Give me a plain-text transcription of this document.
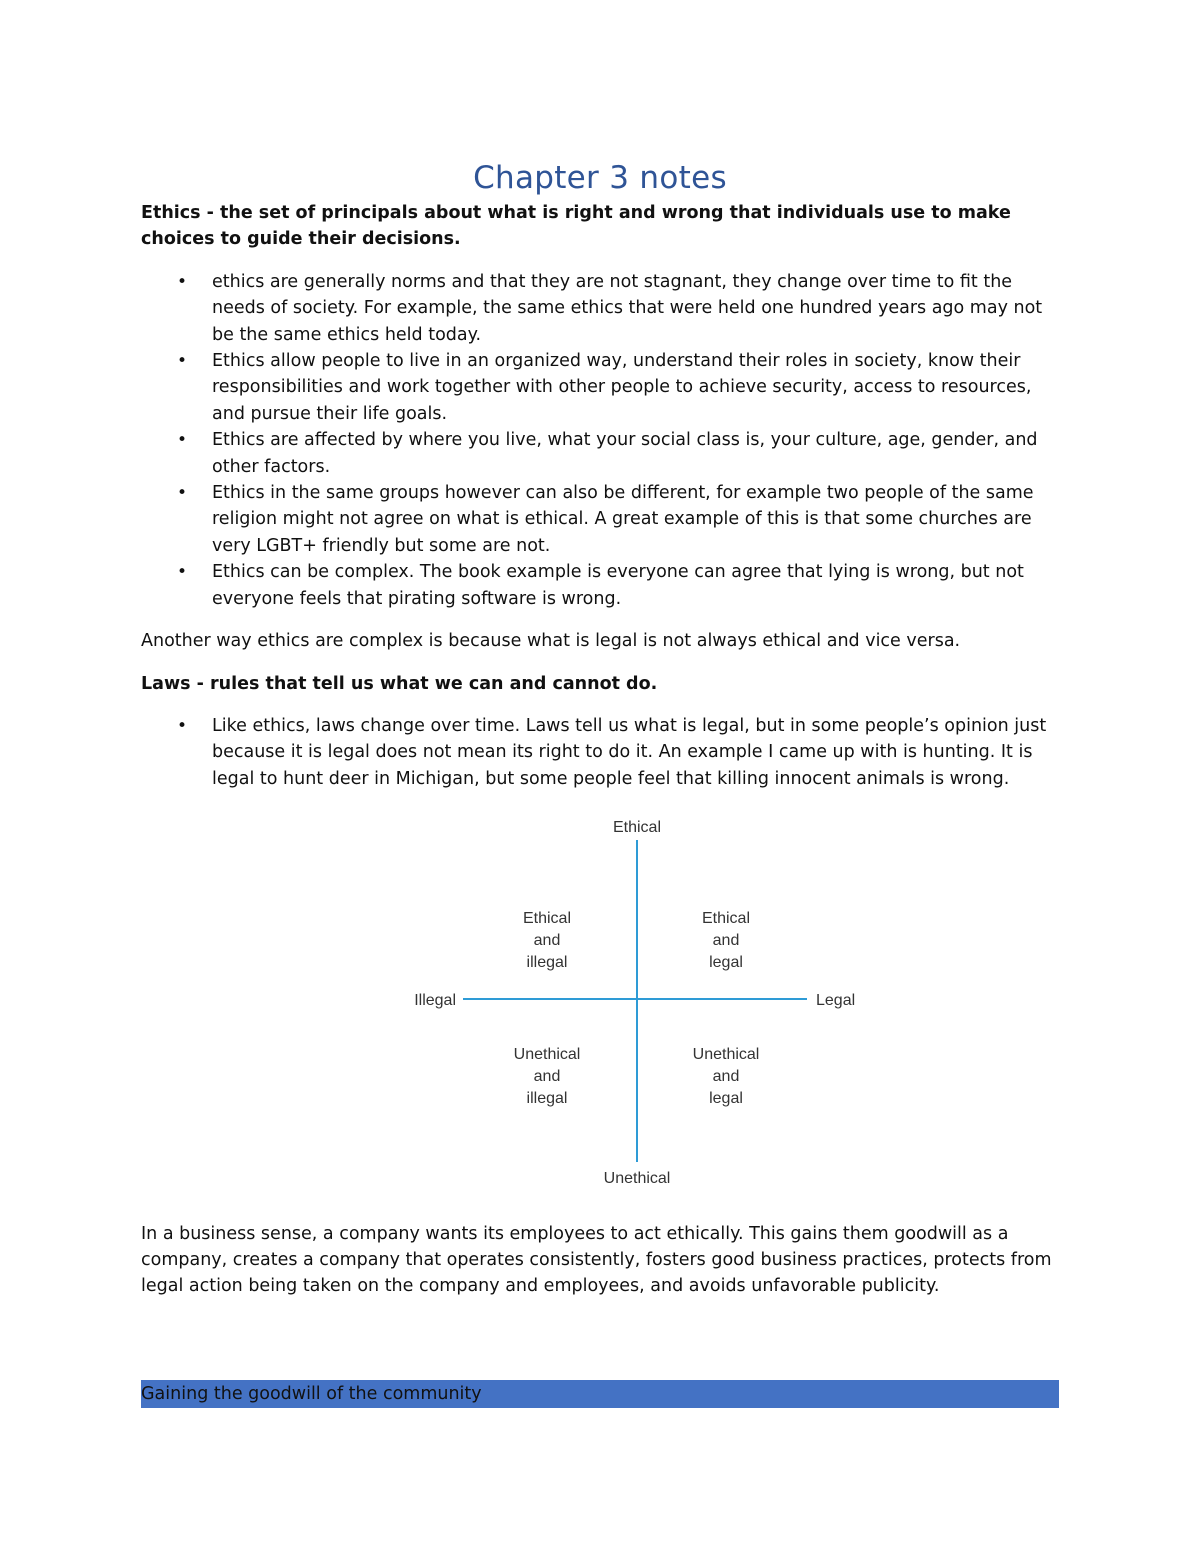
Chapter 3 notes

Ethics - the set of principals about what is right and wrong that individuals use to make choices to guide their decisions.

• ethics are generally norms and that they are not stagnant, they change over time to fit the needs of society. For example, the same ethics that were held one hundred years ago may not be the same ethics held today.
• Ethics allow people to live in an organized way, understand their roles in society, know their responsibilities and work together with other people to achieve security, access to resources, and pursue their life goals.
• Ethics are affected by where you live, what your social class is, your culture, age, gender, and other factors.
• Ethics in the same groups however can also be different, for example two people of the same religion might not agree on what is ethical. A great example of this is that some churches are very LGBT+ friendly but some are not.
• Ethics can be complex. The book example is everyone can agree that lying is wrong, but not everyone feels that pirating software is wrong.

Another way ethics are complex is because what is legal is not always ethical and vice versa.

Laws - rules that tell us what we can and cannot do.

• Like ethics, laws change over time. Laws tell us what is legal, but in some people’s opinion just because it is legal does not mean its right to do it. An example I came up with is hunting. It is legal to hunt deer in Michigan, but some people feel that killing innocent animals is wrong.
Ethical
Unethical
Illegal	Legal
Ethical
and
illegal
Ethical
and
legal
Unethical
and
illegal
Unethical
and
legal

In a business sense, a company wants its employees to act ethically. This gains them goodwill as a company, creates a company that operates consistently, fosters good business practices, protects from legal action being taken on the company and employees, and avoids unfavorable publicity.

Gaining the goodwill of the community
